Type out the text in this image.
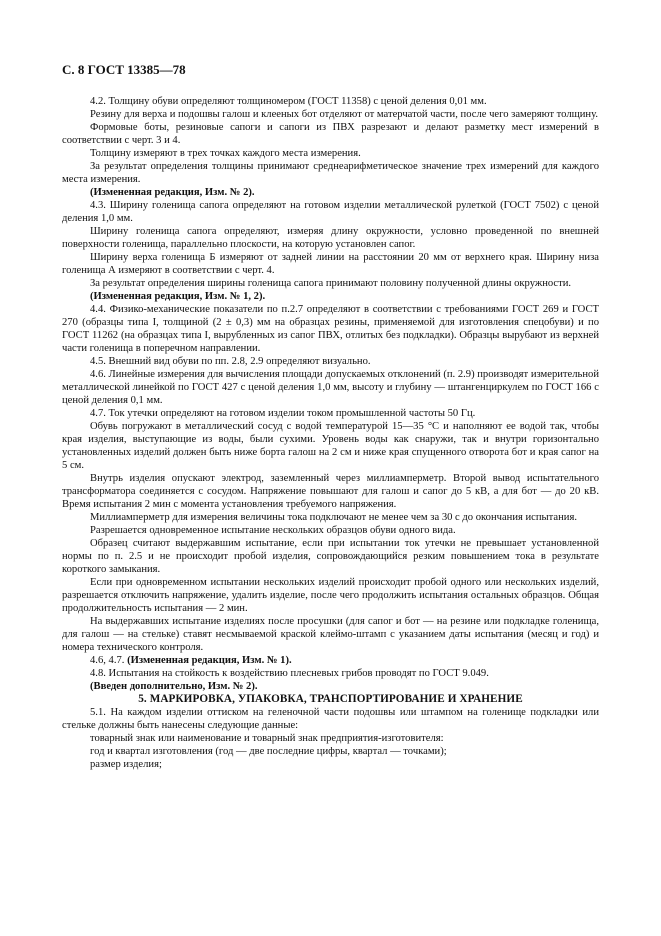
С. 8 ГОСТ 13385—78

4.2. Толщину обуви определяют толщиномером (ГОСТ 11358) с ценой деления 0,01 мм.

Резину для верха и подошвы галош и клееных бот отделяют от матерчатой части, после чего замеряют толщину.

Формовые боты, резиновые сапоги и сапоги из ПВХ разрезают и делают разметку мест измерений в соответствии с черт. 3 и 4.

Толщину измеряют в трех точках каждого места измерения.

За результат определения толщины принимают среднеарифметическое значение трех измерений для каждого места измерения.

(Измененная редакция, Изм. № 2).

4.3. Ширину голенища сапога определяют на готовом изделии металлической рулеткой (ГОСТ 7502) с ценой деления 1,0 мм.

Ширину голенища сапога определяют, измеряя длину окружности, условно проведенной по внешней поверхности голенища, параллельно плоскости, на которую установлен сапог.

Ширину верха голенища Б измеряют от задней линии на расстоянии 20 мм от верхнего края. Ширину низа голенища А измеряют в соответствии с черт. 4.

За результат определения ширины голенища сапога принимают половину полученной длины окружности.

(Измененная редакция, Изм. № 1, 2).

4.4. Физико-механические показатели по п.2.7 определяют в соответствии с требованиями ГОСТ 269 и ГОСТ 270 (образцы типа I, толщиной (2 ± 0,3) мм на образцах резины, применяемой для изготовления спецобуви) и по ГОСТ 11262 (на образцах типа I, вырубленных из сапог ПВХ, отлитых без подкладки). Образцы вырубают из верхней части голенища в поперечном направлении.

4.5. Внешний вид обуви по пп. 2.8, 2.9 определяют визуально.

4.6. Линейные измерения для вычисления площади допускаемых отклонений (п. 2.9) производят измерительной металлической линейкой по ГОСТ 427 с ценой деления 1,0 мм, высоту и глубину — штангенциркулем по ГОСТ 166 с ценой деления 0,1 мм.

4.7. Ток утечки определяют на готовом изделии током промышленной частоты 50 Гц.

Обувь погружают в металлический сосуд с водой температурой 15—35 °С и наполняют ее водой так, чтобы края изделия, выступающие из воды, были сухими. Уровень воды как снаружи, так и внутри горизонтально установленных изделий должен быть ниже борта галош на 2 см и ниже края спущенного отворота бот и края сапог на 5 см.

Внутрь изделия опускают электрод, заземленный через миллиамперметр. Второй вывод испытательного трансформатора соединяется с сосудом. Напряжение повышают для галош и сапог до 5 кВ, а для бот — до 20 кВ. Время испытания 2 мин с момента установления требуемого напряжения.

Миллиамперметр для измерения величины тока подключают не менее чем за 30 с до окончания испытания.

Разрешается одновременное испытание нескольких образцов обуви одного вида.

Образец считают выдержавшим испытание, если при испытании ток утечки не превышает установленной нормы по п. 2.5 и не происходит пробой изделия, сопровождающийся резким повышением тока в результате короткого замыкания.

Если при одновременном испытании нескольких изделий происходит пробой одного или нескольких изделий, разрешается отключить напряжение, удалить изделие, после чего продолжить испытания остальных образцов. Общая продолжительность испытания — 2 мин.

На выдержавших испытание изделиях после просушки (для сапог и бот — на резине или подкладке голенища, для галош — на стельке) ставят несмываемой краской клеймо-штамп с указанием даты испытания (месяц и год) и номера технического контроля.

4.6, 4.7. (Измененная редакция, Изм. № 1).

4.8. Испытания на стойкость к воздействию плесневых грибов проводят по ГОСТ 9.049.

(Введен дополнительно, Изм. № 2).

5. МАРКИРОВКА, УПАКОВКА, ТРАНСПОРТИРОВАНИЕ И ХРАНЕНИЕ

5.1. На каждом изделии оттиском на геленочной части подошвы или штампом на голенище подкладки или стельке должны быть нанесены следующие данные:

товарный знак или наименование и товарный знак предприятия-изготовителя:

год и квартал изготовления (год — две последние цифры, квартал — точками);

размер изделия;
